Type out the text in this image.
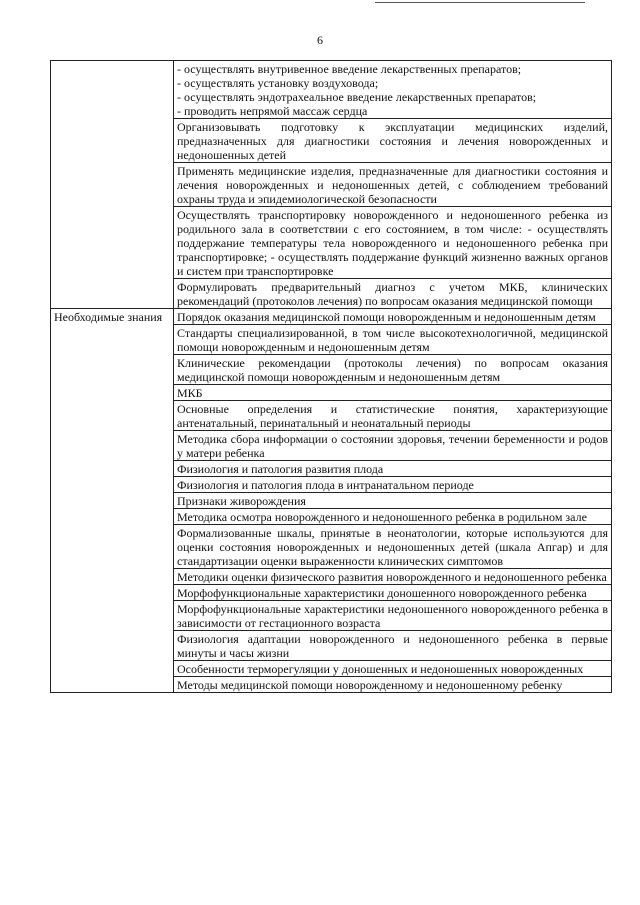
6

	- осуществлять внутривенное введение лекарственных препаратов;
- осуществлять установку воздуховода;
- осуществлять эндотрахеальное введение лекарственных препаратов;
- проводить непрямой массаж сердца

	Организовывать подготовку к эксплуатации медицинских изделий, предназначенных для диагностики состояния и лечения новорожденных и недоношенных детей
	Применять медицинские изделия, предназначенные для диагностики состояния и лечения новорожденных и недоношенных детей, с соблюдением требований охраны труда и эпидемиологической безопасности
	Осуществлять транспортировку новорожденного и недоношенного ребенка из родильного зала в соответствии с его состоянием, в том числе: - осуществлять поддержание температуры тела новорожденного и недоношенного ребенка при транспортировке; - осуществлять поддержание функций жизненно важных органов и систем при транспортировке
	Формулировать предварительный диагноз с учетом МКБ, клинических рекомендаций (протоколов лечения) по вопросам оказания медицинской помощи
Необходимые знания	Порядок оказания медицинской помощи новорожденным и недоношенным детям
	Стандарты специализированной, в том числе высокотехнологичной, медицинской помощи новорожденным и недоношенным детям
	Клинические рекомендации (протоколы лечения) по вопросам оказания медицинской помощи новорожденным и недоношенным детям
	МКБ
	Основные определения и статистические понятия, характеризующие антенатальный, перинатальный и неонатальный периоды
	Методика сбора информации о состоянии здоровья, течении беременности и родов у матери ребенка
	Физиология и патология развития плода
	Физиология и патология плода в интранатальном периоде
	Признаки живорождения
	Методика осмотра новорожденного и недоношенного ребенка в родильном зале
	Формализованные шкалы, принятые в неонатологии, которые используются для оценки состояния новорожденных и недоношенных детей (шкала Апгар) и для стандартизации оценки выраженности клинических симптомов
	Методики оценки физического развития новорожденного и недоношенного ребенка
	Морфофункциональные характеристики доношенного новорожденного ребенка
	Морфофункциональные характеристики недоношенного новорожденного ребенка в зависимости от гестационного возраста
	Физиология адаптации новорожденного и недоношенного ребенка в первые минуты и часы жизни
	Особенности терморегуляции у доношенных и недоношенных новорожденных
	Методы медицинской помощи новорожденному и недоношенному ребенку
